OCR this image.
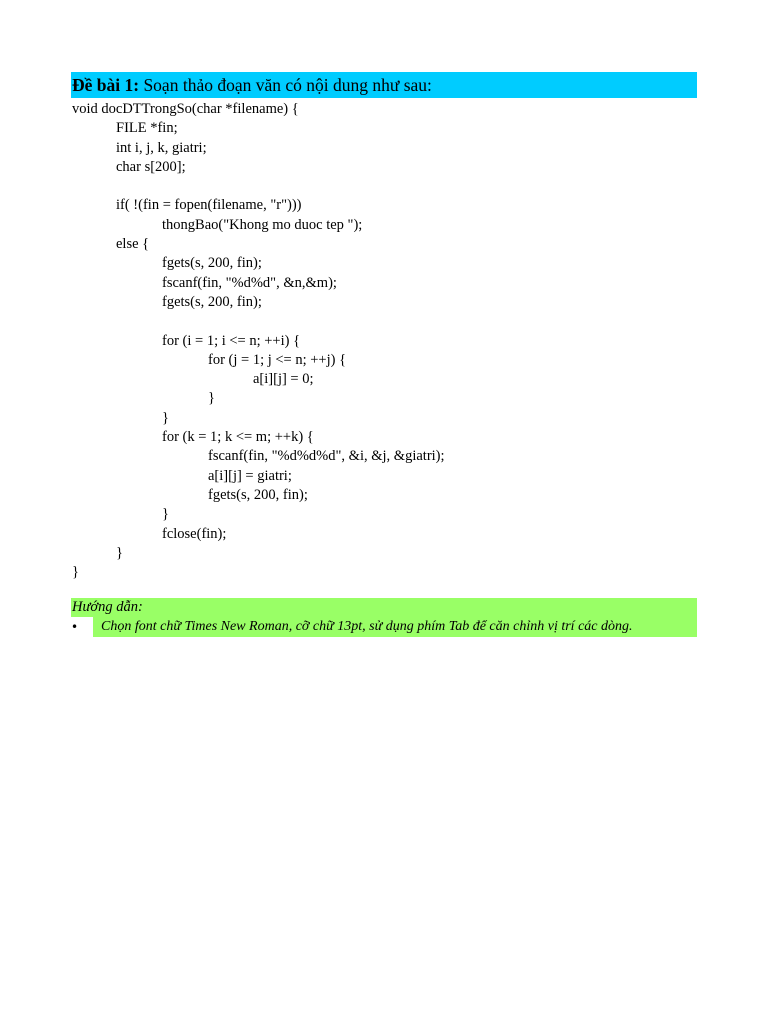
Đề bài 1: Soạn thảo đoạn văn có nội dung như sau:
void docDTTrongSo(char *filename) {
FILE *fin;
int i, j, k, giatri;
char s[200];
if( !(fin = fopen(filename, "r")))
thongBao("Khong mo duoc tep ");
else {
fgets(s, 200, fin);
fscanf(fin, "%d%d", &n,&m);
fgets(s, 200, fin);
for (i = 1; i <= n; ++i) {
for (j = 1; j <= n; ++j) {
a[i][j] = 0;
}
}
for (k = 1; k <= m; ++k) {
fscanf(fin, "%d%d%d", &i, &j, &giatri);
a[i][j] = giatri;
fgets(s, 200, fin);
}
fclose(fin);
}
}
Hướng dẫn:
•	Chọn font chữ Times New Roman, cỡ chữ 13pt, sử dụng phím Tab để căn chỉnh vị trí các dòng.
